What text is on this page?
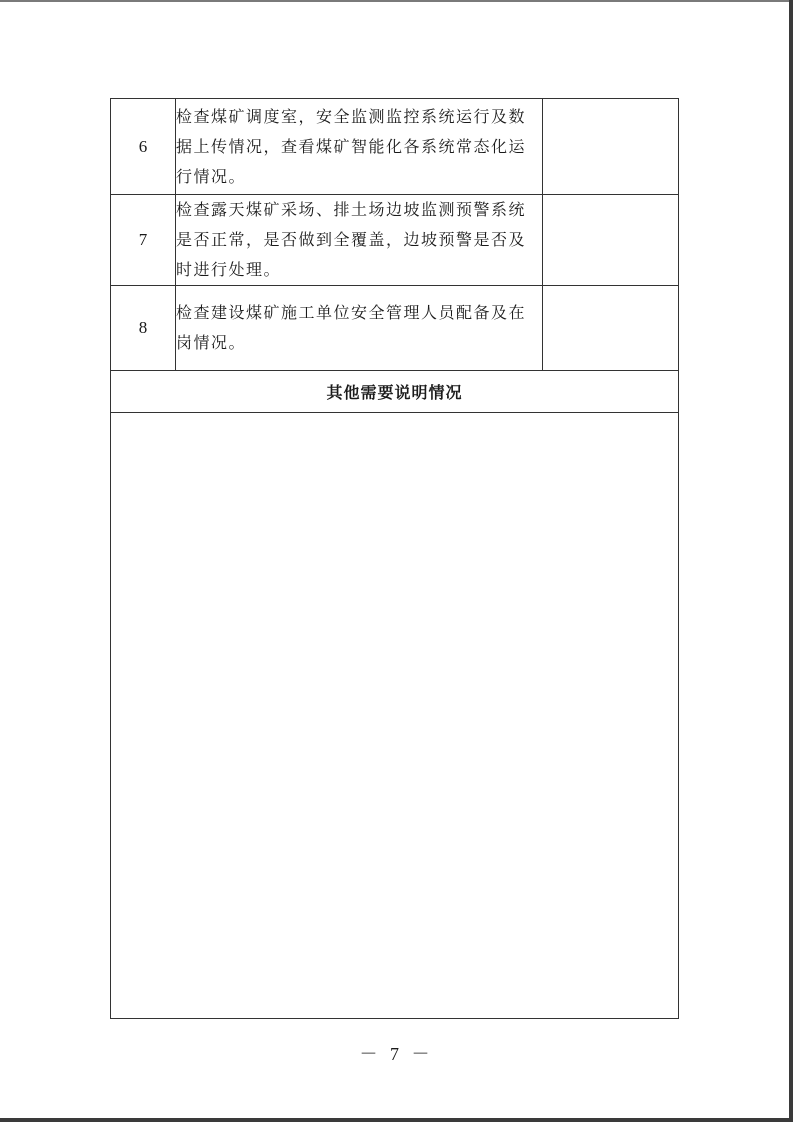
6	检查煤矿调度室，安全监测监控系统运行及数据上传情况，查看煤矿智能化各系统常态化运行情况。	
7	检查露天煤矿采场、排土场边坡监测预警系统是否正常，是否做到全覆盖，边坡预警是否及时进行处理。	
8	检查建设煤矿施工单位安全管理人员配备及在岗情况。	
其他需要说明情况		

－ 7 －
